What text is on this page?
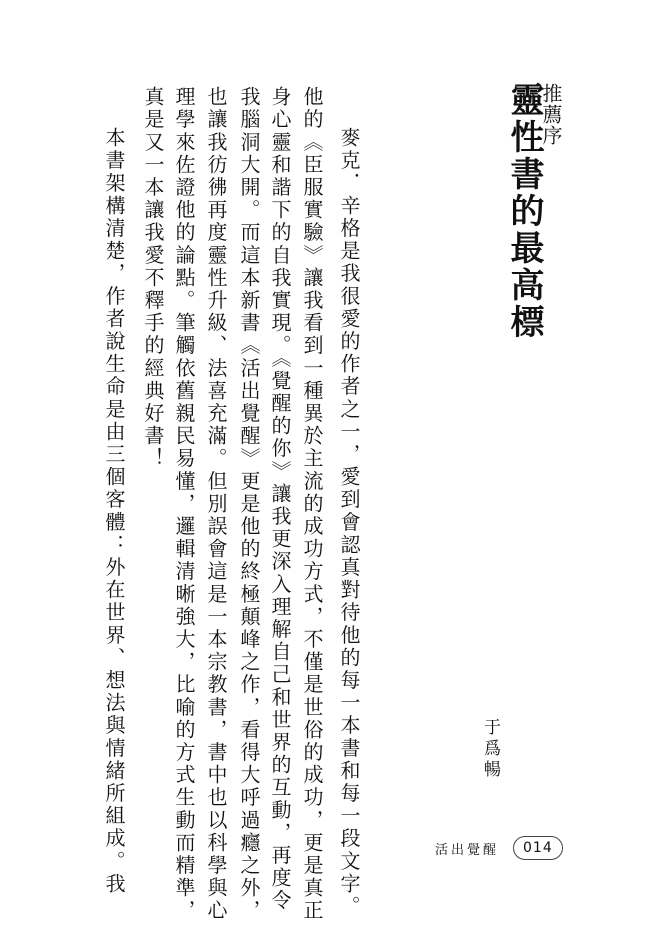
推薦序
靈性書的最高標
于爲暢
麥克．辛格是我很愛的作者之一，愛到會認真對待他的每一本書和每一段文字。
他的《臣服實驗》讓我看到一種異於主流的成功方式，不僅是世俗的成功，更是真正
身心靈和諧下的自我實現。《覺醒的你》讓我更深入理解自己和世界的互動，再度令
我腦洞大開。而這本新書《活出覺醒》更是他的終極顛峰之作，看得大呼過癮之外，
也讓我彷彿再度靈性升級、法喜充滿。但別誤會這是一本宗教書，書中也以科學與心
理學來佐證他的論點。筆觸依舊親民易懂，邏輯清晰強大，比喻的方式生動而精準，
真是又一本讓我愛不釋手的經典好書！
本書架構清楚，作者說生命是由三個客體：外在世界、想法與情緒所組成。我	活出覺醒	014
